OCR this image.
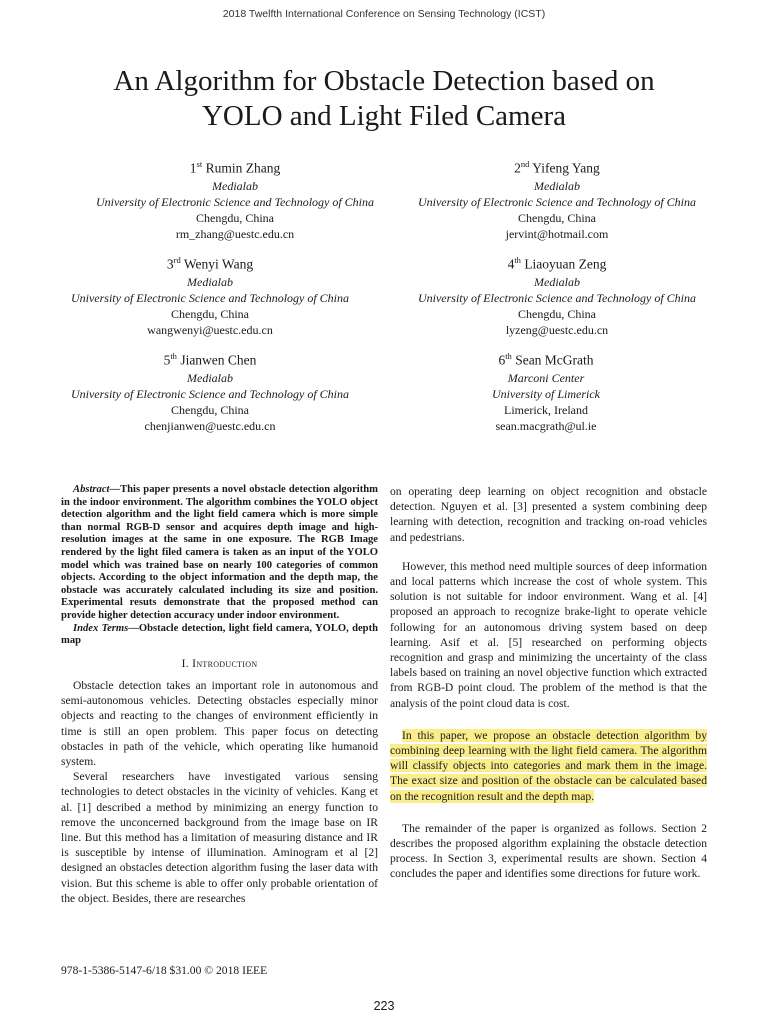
2018 Twelfth International Conference on Sensing Technology (ICST)
An Algorithm for Obstacle Detection based on
YOLO and Light Filed Camera
1st Rumin Zhang
Medialab
University of Electronic Science and Technology of China
Chengdu, China
rm_zhang@uestc.edu.cn
2nd Yifeng Yang
Medialab
University of Electronic Science and Technology of China
Chengdu, China
jervint@hotmail.com
3rd Wenyi Wang
Medialab
University of Electronic Science and Technology of China
Chengdu, China
wangwenyi@uestc.edu.cn
4th Liaoyuan Zeng
Medialab
University of Electronic Science and Technology of China
Chengdu, China
lyzeng@uestc.edu.cn
5th Jianwen Chen
Medialab
University of Electronic Science and Technology of China
Chengdu, China
chenjianwen@uestc.edu.cn
6th Sean McGrath
Marconi Center
University of Limerick
Limerick, Ireland
sean.macgrath@ul.ie

Abstract—This paper presents a novel obstacle detection algorithm in the indoor environment. The algorithm combines the YOLO object detection algorithm and the light field camera which is more simple than normal RGB-D sensor and acquires depth image and high-resolution images at the same in one exposure. The RGB Image rendered by the light filed camera is taken as an input of the YOLO model which was trained base on nearly 100 categories of common objects. According to the object information and the depth map, the obstacle was accurately calculated including its size and position. Experimental resuts demonstrate that the proposed method can provide higher detection accuracy under indoor environment.

Index Terms—Obstacle detection, light field camera, YOLO, depth map

I. Introduction

Obstacle detection takes an important role in autonomous and semi-autonomous vehicles. Detecting obstacles especially minor objects and reacting to the changes of environment efficiently in time is still an open problem. This paper focus on detecting obstacles in path of the vehicle, which operating like humanoid system.

Several researchers have investigated various sensing technologies to detect obstacles in the vicinity of vehicles. Kang et al. [1] described a method by minimizing an energy function to remove the unconcerned background from the image base on IR line. But this method has a limitation of measuring distance and IR is susceptible by intense of illumination. Aminogram et al [2] designed an obstacles detection algorithm fusing the laser data with vision. But this scheme is able to offer only probable orientation of the object. Besides, there are researches

on operating deep learning on object recognition and obstacle detection. Nguyen et al. [3] presented a system combining deep learning with detection, recognition and tracking on-road vehicles and pedestrians.

However, this method need multiple sources of deep information and local patterns which increase the cost of whole system. This solution is not suitable for indoor environment. Wang et al. [4] proposed an approach to recognize brake-light to operate vehicle following for an autonomous driving system based on deep learning. Asif et al. [5] researched on performing objects recognition and grasp and minimizing the uncertainty of the class labels based on training an novel objective function which extracted from RGB-D point cloud. The problem of the method is that the analysis of the point cloud data is cost.

In this paper, we propose an obstacle detection algorithm by combining deep learning with the light field camera. The algorithm will classify objects into categories and mark them in the image. The exact size and position of the obstacle can be calculated based on the recognition result and the depth map.

The remainder of the paper is organized as follows. Section 2 describes the proposed algorithm explaining the obstacle detection process. In Section 3, experimental results are shown. Section 4 concludes the paper and identifies some directions for future work.

978-1-5386-5147-6/18 $31.00 © 2018 IEEE
223
